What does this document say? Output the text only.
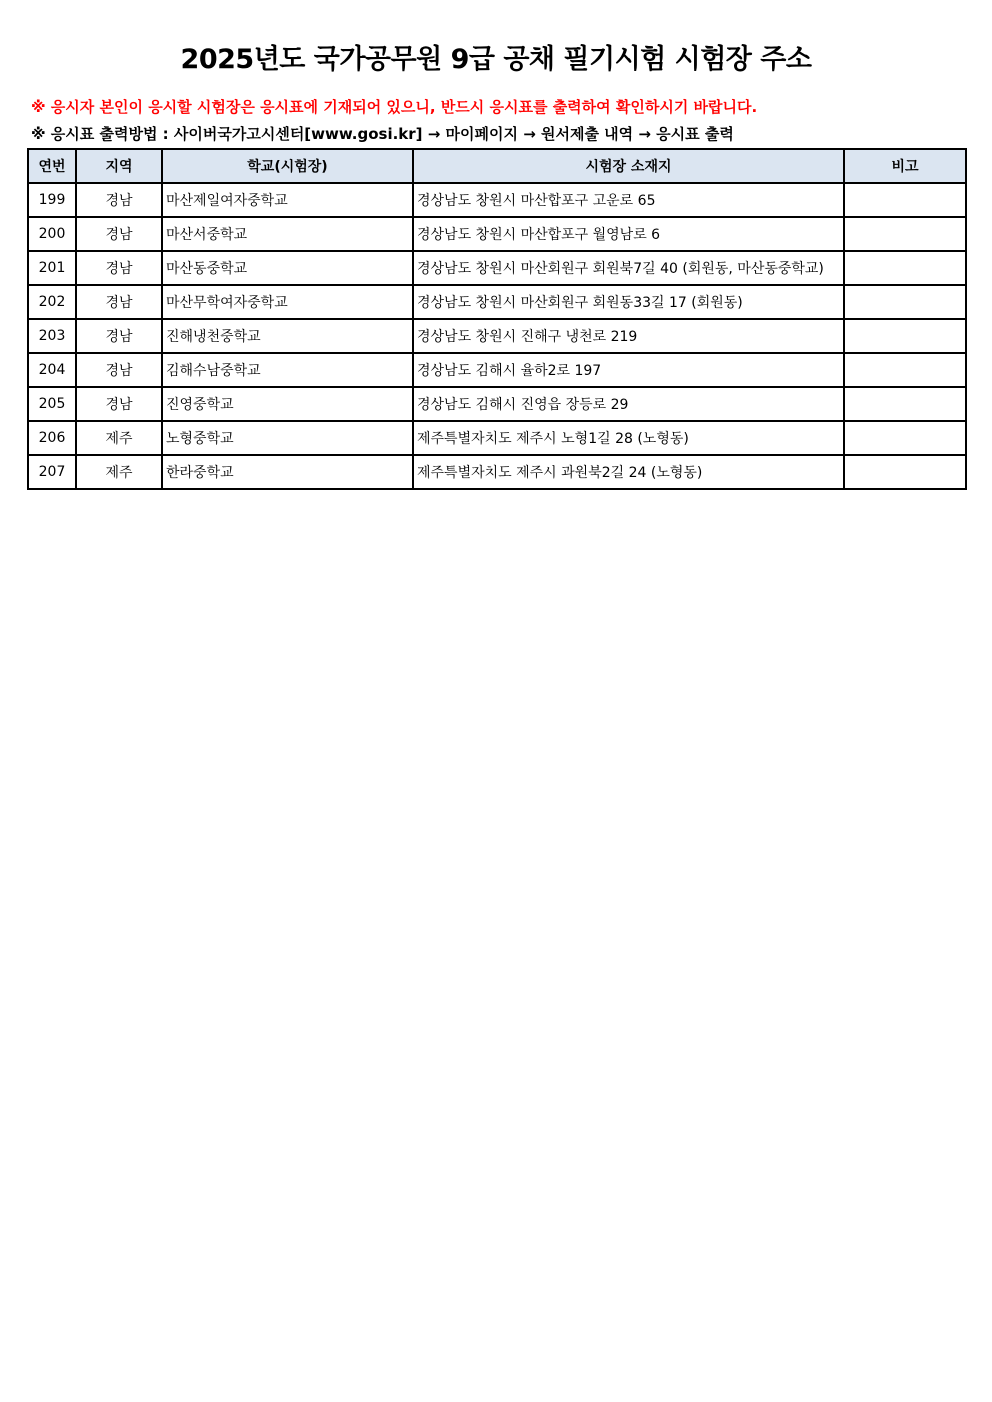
2025년도 국가공무원 9급 공채 필기시험 시험장 주소
※ 응시자 본인이 응시할 시험장은 응시표에 기재되어 있으니, 반드시 응시표를 출력하여 확인하시기 바랍니다.
※ 응시표 출력방법 : 사이버국가고시센터[www.gosi.kr] → 마이페이지 → 원서제출 내역 → 응시표 출력
연번	지역	학교(시험장)	시험장 소재지	비고
199	경남	마산제일여자중학교	경상남도 창원시 마산합포구 고운로 65	
200	경남	마산서중학교	경상남도 창원시 마산합포구 월영남로 6	
201	경남	마산동중학교	경상남도 창원시 마산회원구 회원북7길 40 (회원동, 마산동중학교)	
202	경남	마산무학여자중학교	경상남도 창원시 마산회원구 회원동33길 17 (회원동)	
203	경남	진해냉천중학교	경상남도 창원시 진해구 냉천로 219	
204	경남	김해수남중학교	경상남도 김해시 율하2로 197	
205	경남	진영중학교	경상남도 김해시 진영읍 장등로 29	
206	제주	노형중학교	제주특별자치도 제주시 노형1길 28 (노형동)	
207	제주	한라중학교	제주특별자치도 제주시 과원북2길 24 (노형동)	
